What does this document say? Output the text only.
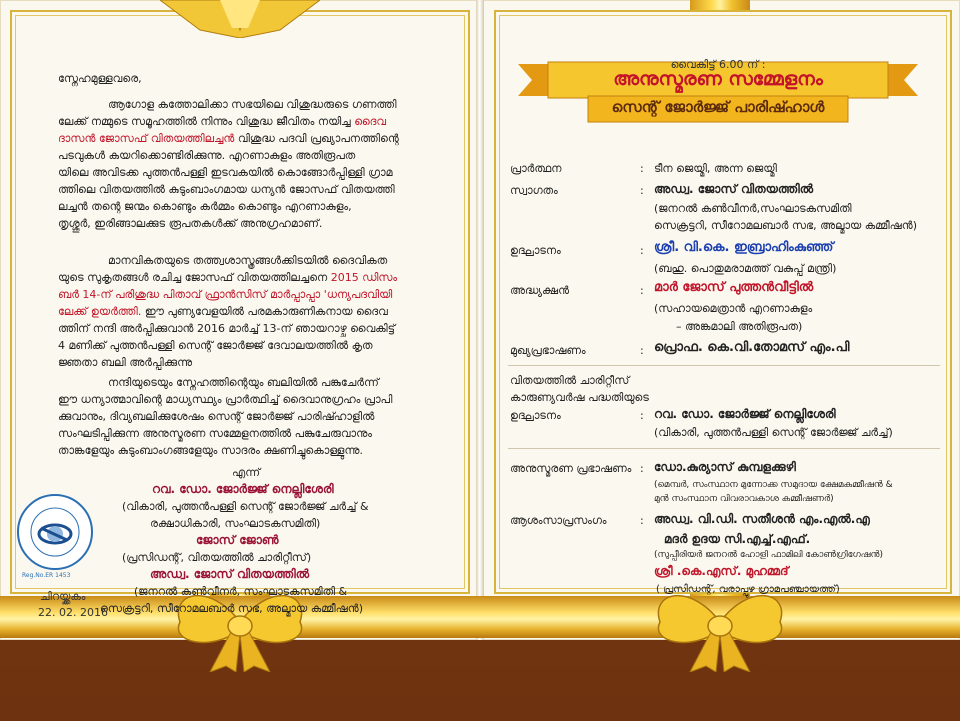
സ്നേഹമുള്ളവരെ,
ആഗോള കത്തോലിക്കാ സഭയിലെ വിശുദ്ധരുടെ ഗണത്തി
ലേക്ക് നമ്മുടെ സമൂഹത്തിൽ നിന്നും വിശുദ്ധ ജീവിതം നയിച്ച ദൈവ
ദാസൻ ജോസഫ് വിതയത്തിലച്ചൻ വിശുദ്ധ പദവി പ്രഖ്യാപനത്തിന്റെ
പടവുകൾ കയറിക്കൊണ്ടിരിക്കുന്നു. എറണാകുളം അതിരൂപത
യിലെ അവിടക്ക പുത്തൻപള്ളി ഇടവകയിൽ കൊങ്ങോർപ്പിള്ളി ഗ്രാമ
ത്തിലെ വിതയത്തിൽ കുടുംബാംഗമായ ധന്യൻ ജോസഫ് വിതയത്തി
ലച്ചൻ തന്റെ ജന്മം കൊണ്ടും കർമ്മം കൊണ്ടും എറണാകുളം,
തൃശ്ശൂർ, ഇരിങ്ങാലക്കുട രൂപതകൾക്ക് അനുഗ്രഹമാണ്.
മാനവികതയുടെ തത്ത്വശാസ്ത്രങ്ങൾക്കിടയിൽ ദൈവികത
യുടെ സുകൃതങ്ങൾ രചിച്ച ജോസഫ് വിതയത്തിലച്ചനെ 2015 ഡിസം
ബർ 14-ന് പരിശുദ്ധ പിതാവ് ഫ്രാൻസിസ് മാർപ്പാപ്പാ 'ധന്യപദവിയി
ലേക്ക് ഉയർത്തി. ഈ പുണ്യവേളയിൽ പരമകാരുണികനായ ദൈവ
ത്തിന് നന്ദി അർപ്പിക്കുവാൻ 2016 മാർച്ച് 13-ന് ഞായറാഴ്ച വൈകിട്ട്
4 മണിക്ക് പുത്തൻപള്ളി സെന്റ് ജോർജ്ജ് ദേവാലയത്തിൽ കൃത
ജ്ഞതാ ബലി അർപ്പിക്കുന്നു
നന്ദിയുടെയും സ്നേഹത്തിന്റെയും ബലിയിൽ പങ്കുചേർന്ന്
ഈ ധന്യാത്മാവിന്റെ മാധ്യസ്ഥ്യം പ്രാർത്ഥിച്ച് ദൈവാനുഗ്രഹം പ്രാപി
ക്കുവാനും, ദിവ്യബലിക്കുശേഷം സെന്റ് ജോർജ്ജ് പാരിഷ്ഹാളിൽ
സംഘടിപ്പിക്കുന്ന അനുസ്മരണ സമ്മേളനത്തിൽ പങ്കുചേരുവാനും
താങ്കളേയും കുടുംബാംഗങ്ങളേയും സാദരം ക്ഷണിച്ചുകൊള്ളുന്നു.
എന്ന്
റവ. ഡോ. ജോർജ്ജ് നെല്ലിശേരി
(വികാരി, പുത്തൻപള്ളി സെന്റ് ജോർജ്ജ് ചർച്ച് &
രക്ഷാധികാരി, സംഘാടകസമിതി)
ജോസ് ജോൺ
(പ്രസിഡന്റ്, വിതയത്തിൽ ചാരിറ്റീസ്)
അഡ്വ. ജോസ് വിതയത്തിൽ
(ജനറൽ കൺവീനർ, സംഘാടകസമിതി &
സെക്രട്ടറി, സീറോമലബാർ സഭ, അല്മായ കമ്മീഷൻ)
Reg.No.ER 1453
ചിറയ്ക്കകം
22. 02. 2016
വൈകിട്ട് 6.00 ന് :
അനുസ്മരണ സമ്മേളനം
സെന്റ് ജോർജ്ജ് പാരിഷ്ഹാൾ
പ്രാർത്ഥന	: ടീന ജെയ്മി, അന്ന ജെയ്മി
സ്വാഗതം	: അഡ്വ. ജോസ് വിതയത്തിൽ
(ജനറൽ കൺവീനർ,സംഘാടകസമിതി
സെക്രട്ടറി, സീറോമലബാർ സഭ, അല്മായ കമ്മീഷൻ)
ഉദ്ഘാടനം	: ശ്രീ. വി.കെ. ഇബ്രാഹിംകുഞ്ഞ്
(ബഹു. പൊതുമരാമത്ത് വകുപ്പ് മന്ത്രി)
അദ്ധ്യക്ഷൻ	: മാർ ജോസ് പുത്തൻവീട്ടിൽ
(സഹായമെത്രാൻ എറണാകുളം
– അങ്കമാലി അതിരൂപത)
മുഖ്യപ്രഭാഷണം	: പ്രൊഫ. കെ.വി.തോമസ് എം.പി
വിതയത്തിൽ ചാരിറ്റീസ്
കാരുണ്യവർഷ പദ്ധതിയുടെ
ഉദ്ഘാടനം	: റവ. ഡോ. ജോർജ്ജ് നെല്ലിശേരി
(വികാരി, പുത്തൻപള്ളി സെന്റ് ജോർജ്ജ് ചർച്ച്)
അനുസ്മരണ പ്രഭാഷണം : ഡോ.കുര്യാസ് കുമ്പളക്കുഴി
(മെമ്പർ, സംസ്ഥാന മുന്നോക്ക സമുദായ ക്ഷേമകമ്മീഷൻ &
മുൻ സംസ്ഥാന വിവരാവകാശ കമ്മീഷണർ)
ആശംസാപ്രസംഗം	: അഡ്വ. വി.ഡി. സതീശൻ എം.എൽ.എ
മദർ ഉദയ സി.എച്ച്.എഫ്.
(സുപ്പീരിയർ ജനറൽ ഹോളി ഫാമിലി കോൺഗ്രിഗേഷൻ)
ശ്രീ .കെ.എസ്. മുഹമ്മദ്
( പ്രസിഡന്റ്, വരാപ്പുഴ ഗ്രാമപഞ്ചായത്ത്)
